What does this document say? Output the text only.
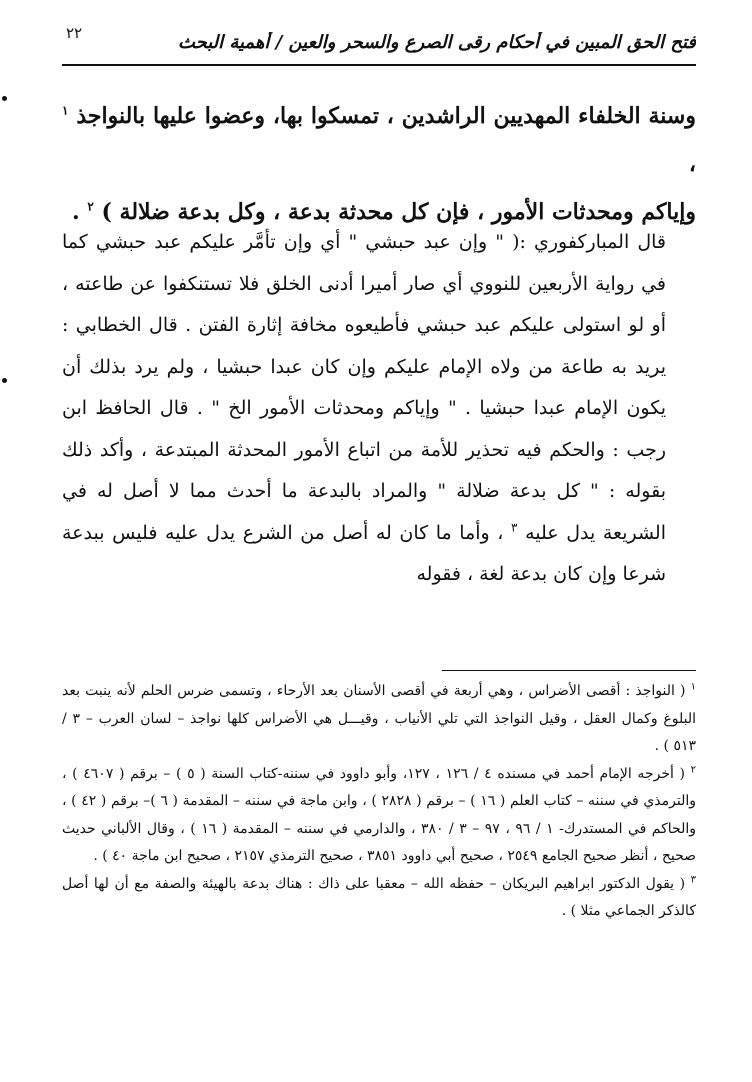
٢٢	فتح الحق المبين في أحكام رقى الصرع والسحر والعين / أهمية البحث

وسنة الخلفاء المهديين الراشدين ، تمسكوا بها، وعضوا عليها بالنواجذ $^١$ ،

وإياكم ومحدثات الأمور ، فإن كل محدثة بدعة ، وكل بدعة ضلالة ) $^٢$ .

قال المباركفوري :( " وإن عبد حبشي " أي وإن تأمَّر عليكم عبد حبشي كما في رواية الأربعين للنووي أي صار أميرا أدنى الخلق فلا تستنكفوا عن طاعته ، أو لو استولى عليكم عبد حبشي فأطيعوه مخافة إثارة الفتن . قال الخطابي : يريد به طاعة من ولاه الإمام عليكم وإن كان عبدا حبشيا ، ولم يرد بذلك أن يكون الإمام عبدا حبشيا . " وإياكم ومحدثات الأمور الخ " . قال الحافظ ابن رجب : والحكم فيه تحذير للأمة من اتباع الأمور المحدثة المبتدعة ، وأكد ذلك بقوله : " كل بدعة ضلالة " والمراد بالبدعة ما أحدث مما لا أصل له في الشريعة يدل عليه $^٣$ ، وأما ما كان له أصل من الشرع يدل عليه فليس ببدعة شرعا وإن كان بدعة لغة ، فقوله

$^١$ ( النواجذ : أقصى الأضراس ، وهي أربعة في أقصى الأسنان بعد الأرحاء ، وتسمى ضرس الحلم لأنه ينبت بعد البلوغ وكمال العقل ، وقيل النواجذ التي تلي الأنياب ، وقيـــل هي الأضراس كلها نواجذ – لسان العرب – ٣ / ٥١٣ ) .

$^٢$ ( أخرجه الإمام أحمد في مسنده ٤ / ١٢٦ ، ١٢٧، وأبو داوود في سننه-كتاب السنة ( ٥ ) – برقم ( ٤٦٠٧ ) ، والترمذي في سننه – كتاب العلم ( ١٦ ) – برقم ( ٢٨٢٨ ) ، وابن ماجة في سننه – المقدمة ( ٦ )– برقم ( ٤٢ ) ، والحاكم في المستدرك- ١ / ٩٦ ، ٩٧ – ٣ / ٣٨٠ ، والدارمي في سننه – المقدمة ( ١٦ ) ، وقال الألباني حديث صحيح ، أنظر صحيح الجامع ٢٥٤٩ ، صحيح أبي داوود ٣٨٥١ ، صحيح الترمذي ٢١٥٧ ، صحيح ابن ماجة ٤٠ ) .

$^٣$ ( يقول الدكتور ابراهيم البريكان – حفظه الله – معقبا على ذاك : هناك بدعة بالهيئة والصفة مع أن لها أصل كالذكر الجماعي مثلا ) .
